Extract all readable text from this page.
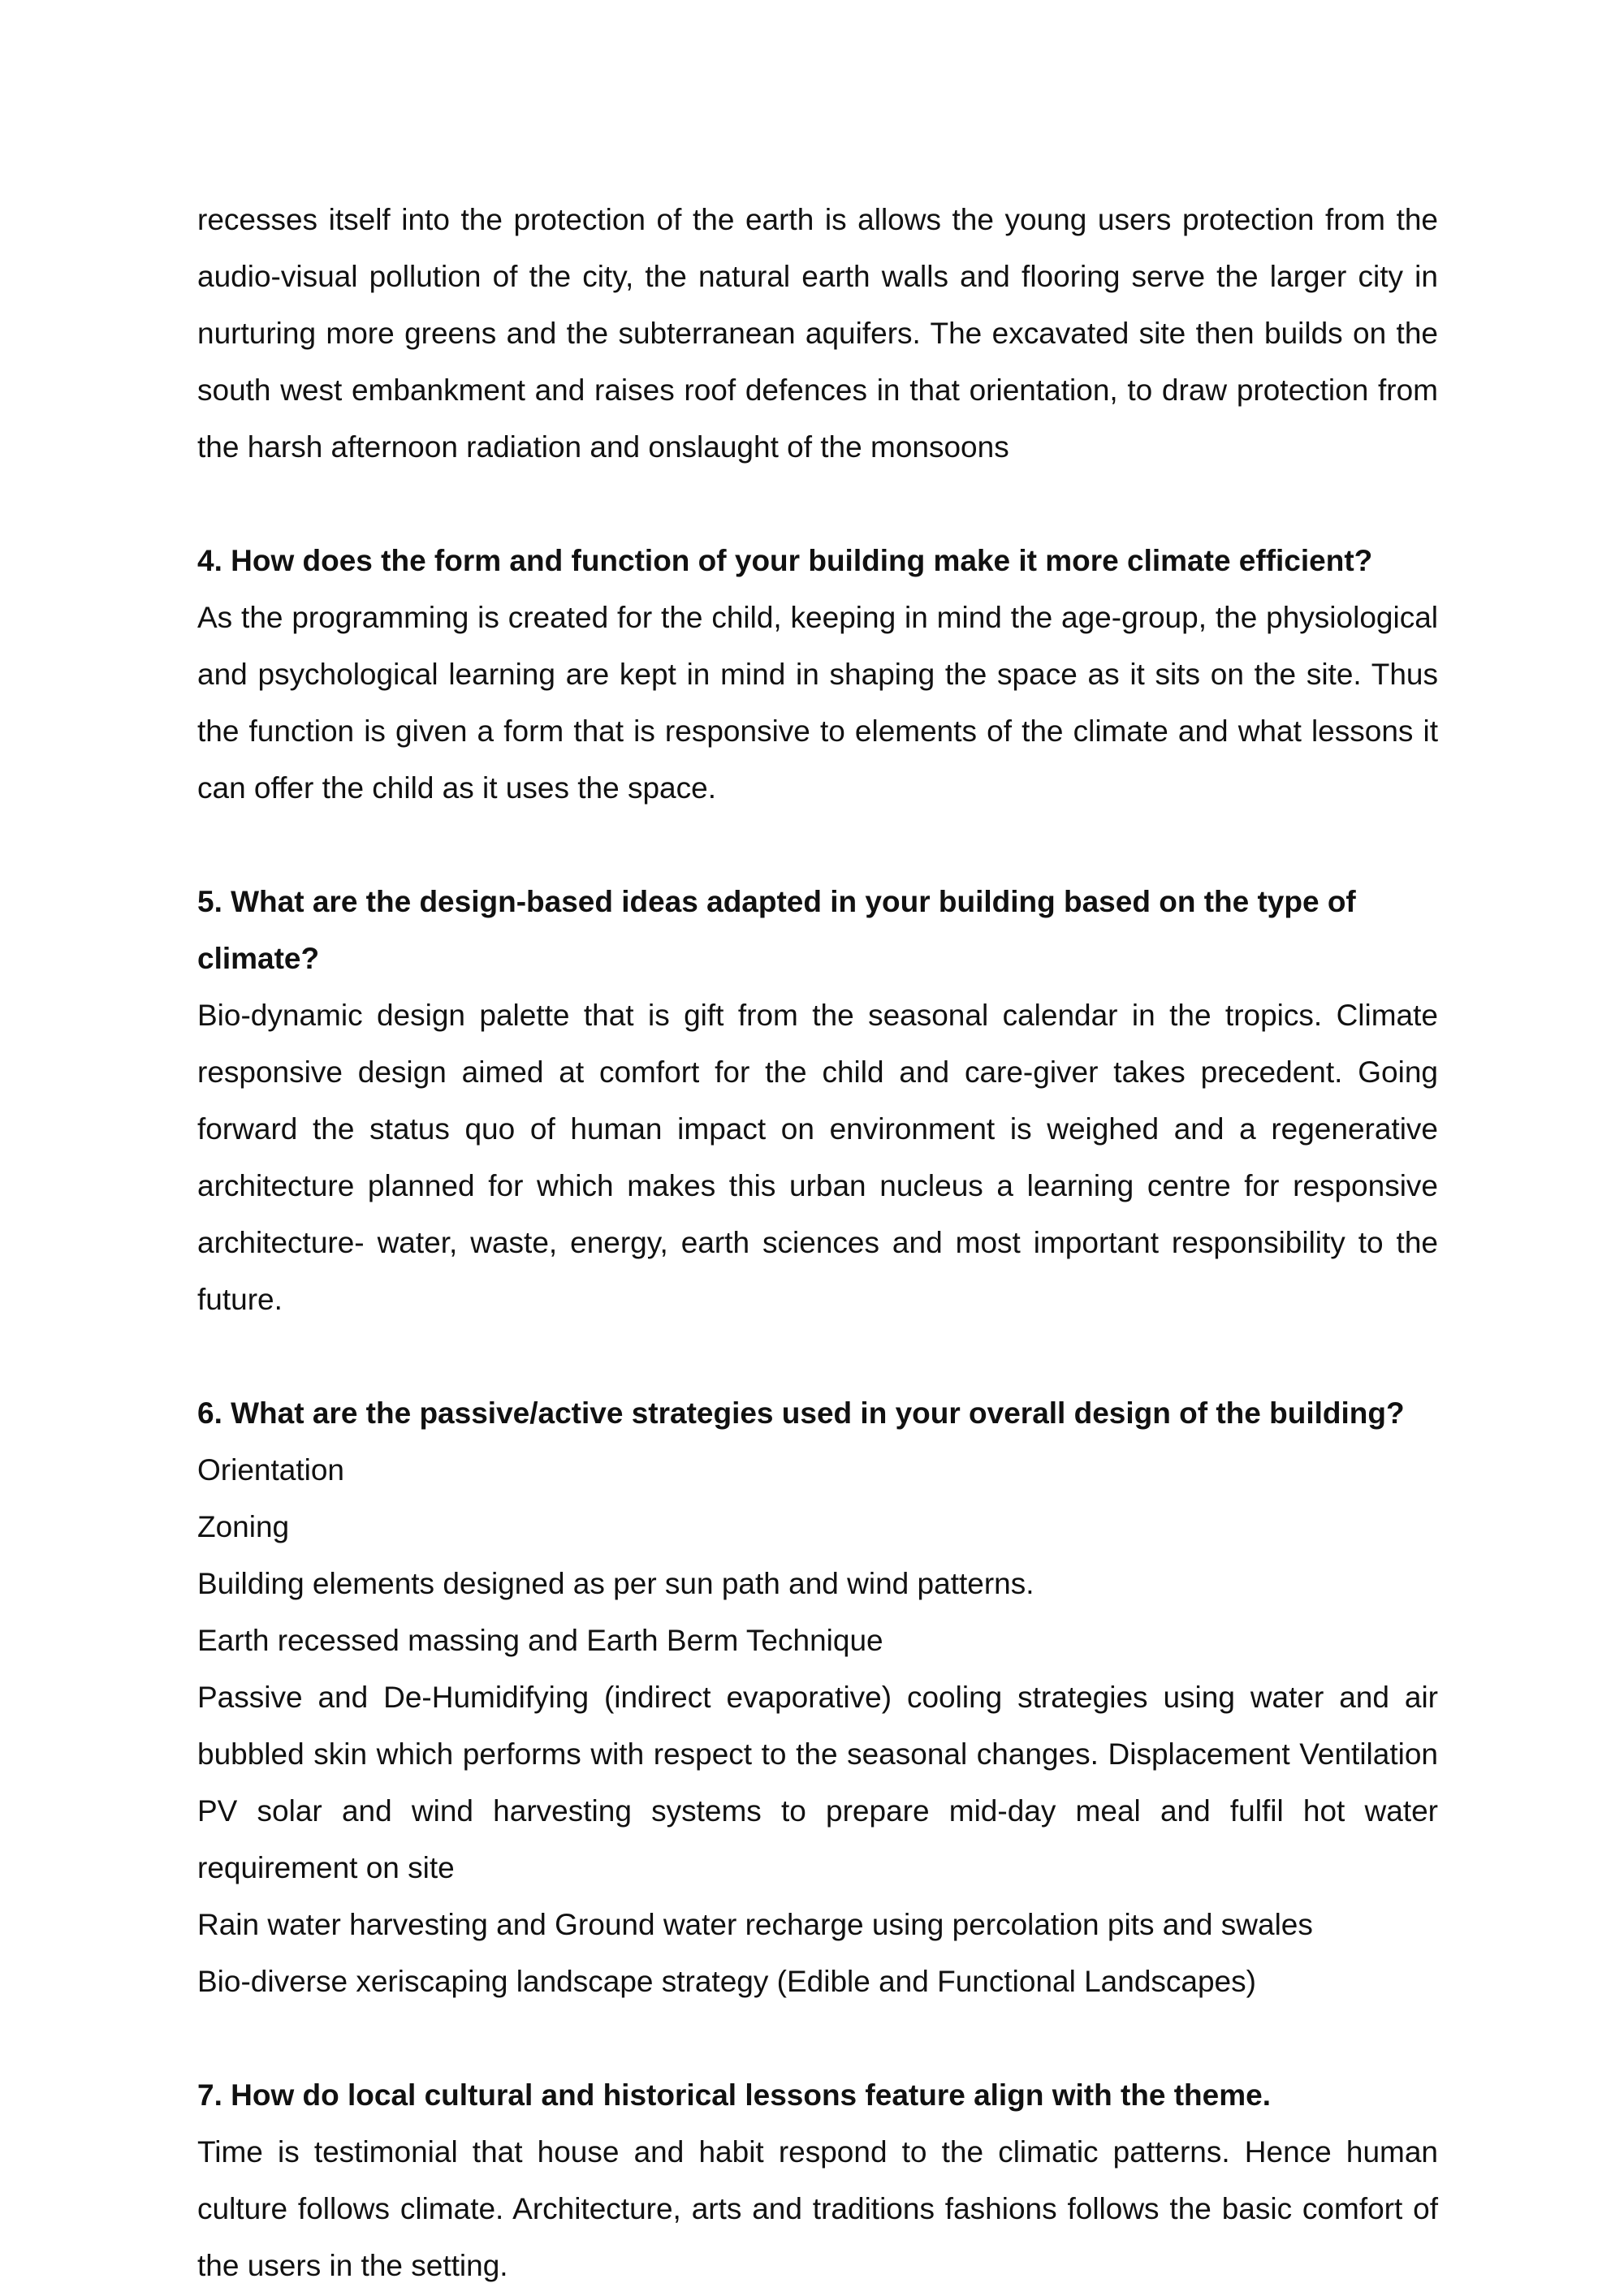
recesses itself into the protection of the earth is allows the young users protection from the audio-visual pollution of the city, the natural earth walls and flooring serve the larger city in nurturing more greens and the subterranean aquifers. The excavated site then builds on the south west embankment and raises roof defences in that orientation, to draw protection from the harsh afternoon radiation and onslaught of the monsoons

4. How does the form and function of your building make it more climate efficient?

As the programming is created for the child, keeping in mind the age-group, the physiological and psychological learning are kept in mind in shaping the space as it sits on the site. Thus the function is given a form that is responsive to elements of the climate and what lessons it can offer the child as it uses the space.

5. What are the design-based ideas adapted in your building based on the type of climate?

Bio-dynamic design palette that is gift from the seasonal calendar in the tropics. Climate responsive design aimed at comfort for the child and care-giver takes precedent. Going forward the status quo of human impact on environment is weighed and a regenerative architecture planned for which makes this urban nucleus a learning centre for responsive architecture- water, waste, energy, earth sciences and most important responsibility to the future.

6. What are the passive/active strategies used in your overall design of the building?
Orientation
Zoning
Building elements designed as per sun path and wind patterns.
Earth recessed massing and Earth Berm Technique
Passive and De-Humidifying (indirect evaporative) cooling strategies using water and air bubbled skin which performs with respect to the seasonal changes. Displacement Ventilation PV solar and wind harvesting systems to prepare mid-day meal and fulfil hot water requirement on site
Rain water harvesting and Ground water recharge using percolation pits and swales
Bio-diverse xeriscaping landscape strategy (Edible and Functional Landscapes)
7. How do local cultural and historical lessons feature align with the theme.

Time is testimonial that house and habit respond to the climatic patterns. Hence human culture follows climate. Architecture, arts and traditions fashions follows the basic comfort of the users in the setting.
